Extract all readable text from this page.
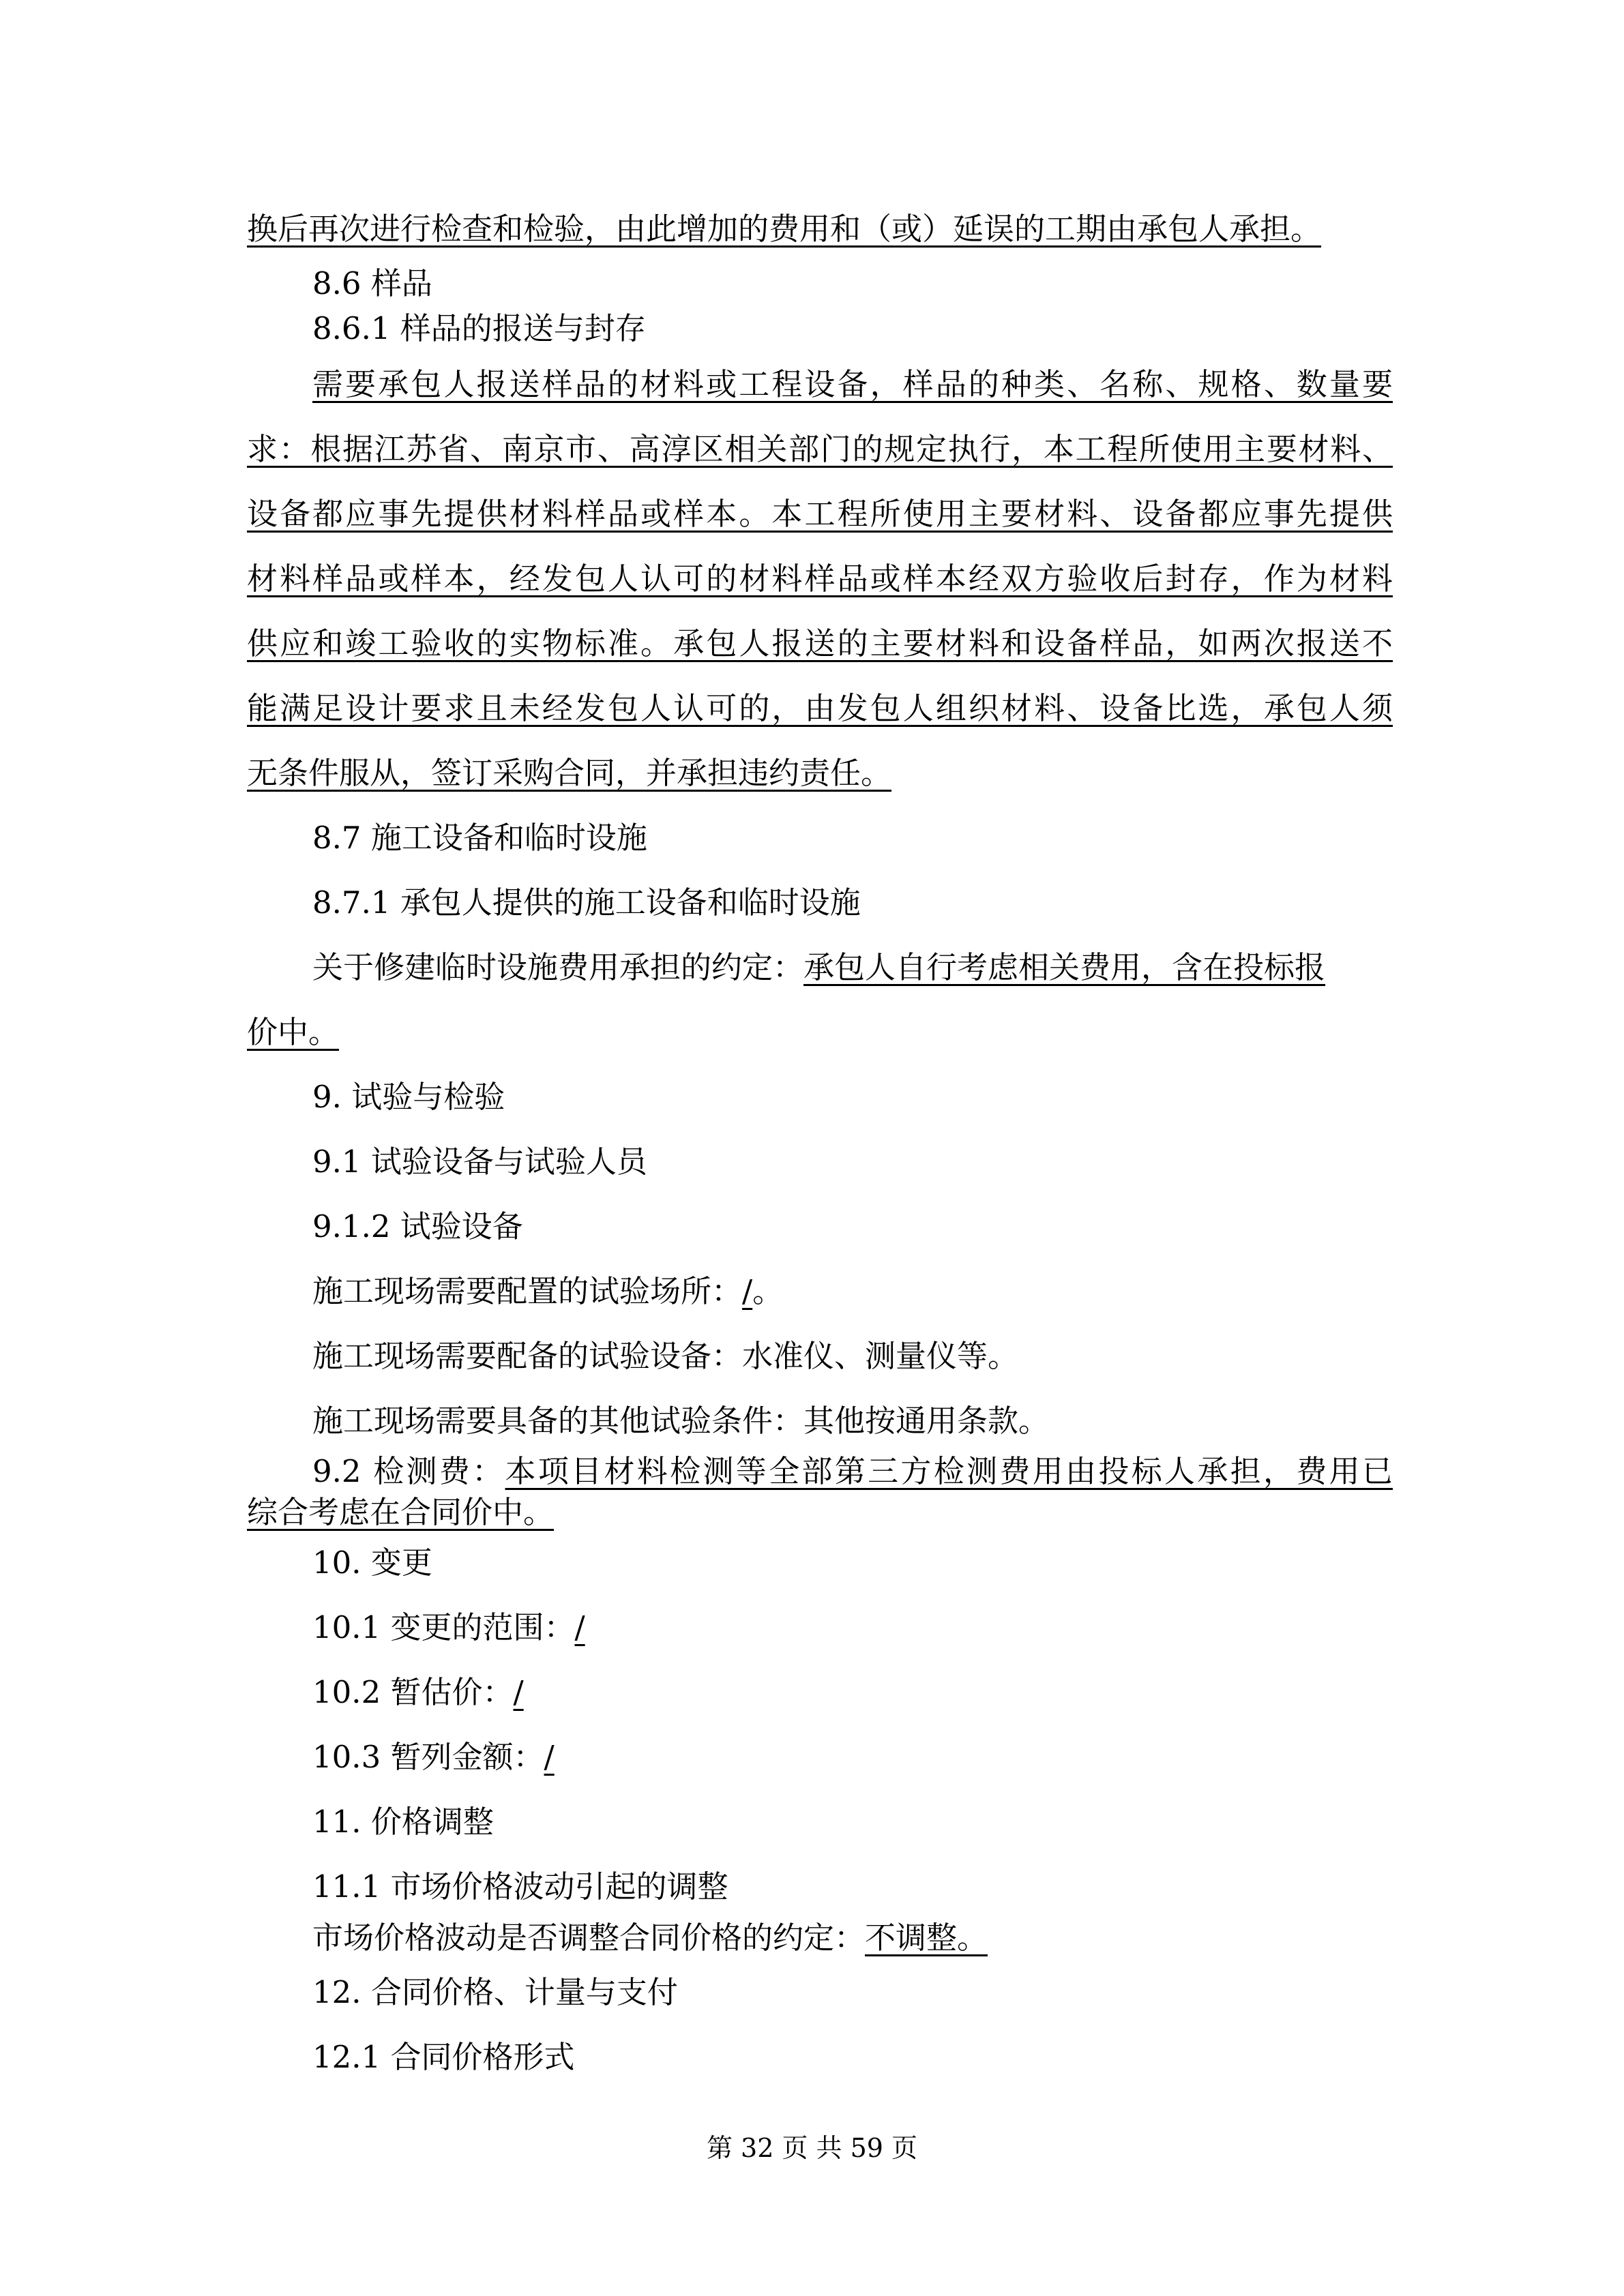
换后再次进行检查和检验，由此增加的费用和（或）延误的工期由承包人承担。
8.6 样品
8.6.1 样品的报送与封存
需要承包人报送样品的材料或工程设备，样品的种类、名称、规格、数量要
求：根据江苏省、南京市、高淳区相关部门的规定执行，本工程所使用主要材料、
设备都应事先提供材料样品或样本。本工程所使用主要材料、设备都应事先提供
材料样品或样本，经发包人认可的材料样品或样本经双方验收后封存，作为材料
供应和竣工验收的实物标准。承包人报送的主要材料和设备样品，如两次报送不
能满足设计要求且未经发包人认可的，由发包人组织材料、设备比选，承包人须
无条件服从，签订采购合同，并承担违约责任。
8.7 施工设备和临时设施
8.7.1 承包人提供的施工设备和临时设施
关于修建临时设施费用承担的约定：承包人自行考虑相关费用，含在投标报
价中。
9. 试验与检验
9.1 试验设备与试验人员
9.1.2 试验设备
施工现场需要配置的试验场所：/。
施工现场需要配备的试验设备：水准仪、测量仪等。
施工现场需要具备的其他试验条件：其他按通用条款。
9.2 检测费：本项目材料检测等全部第三方检测费用由投标人承担，费用已
综合考虑在合同价中。
10. 变更
10.1 变更的范围：/
10.2 暂估价：/
10.3 暂列金额：/
11. 价格调整
11.1 市场价格波动引起的调整
市场价格波动是否调整合同价格的约定：不调整。
12. 合同价格、计量与支付
12.1 合同价格形式
第 32 页 共 59 页
